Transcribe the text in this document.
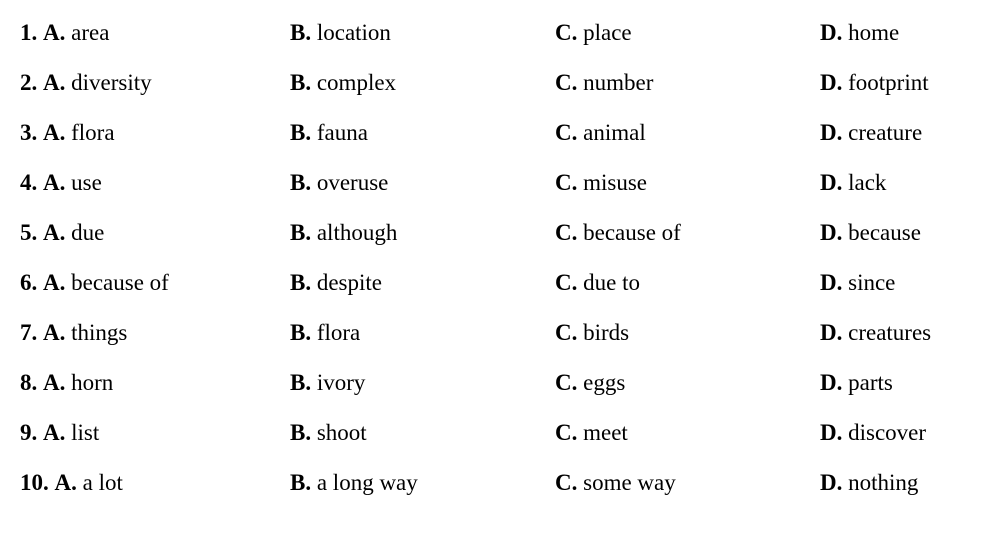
1. A. area	B. location	C. place	D. home
2. A. diversity	B. complex	C. number	D. footprint
3. A. flora	B. fauna	C. animal	D. creature
4. A. use	B. overuse	C. misuse	D. lack
5. A. due	B. although	C. because of	D. because
6. A. because of	B. despite	C. due to	D. since
7. A. things	B. flora	C. birds	D. creatures
8. A. horn	B. ivory	C. eggs	D. parts
9. A. list	B. shoot	C. meet	D. discover
10. A. a lot	B. a long way	C. some way	D. nothing
